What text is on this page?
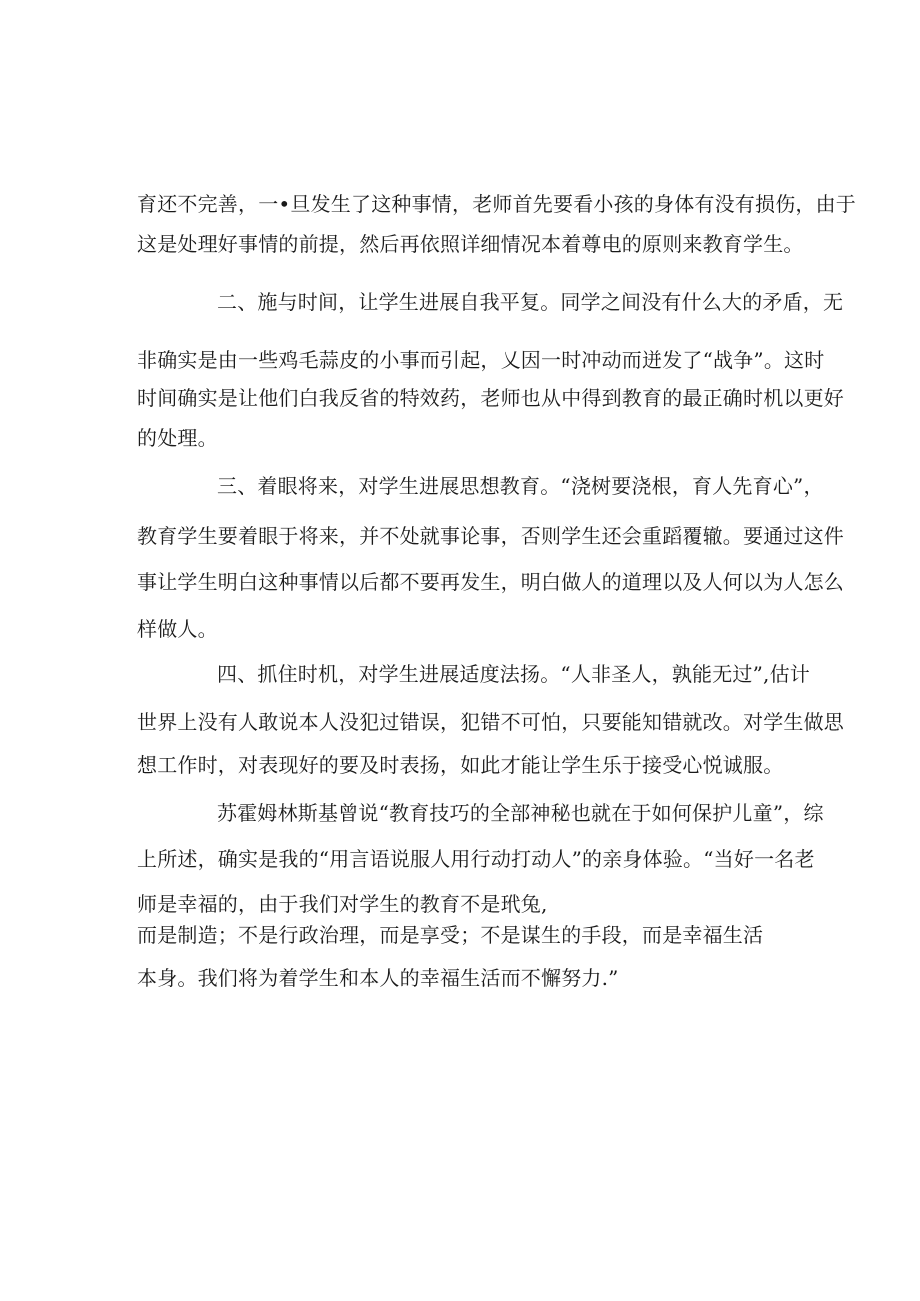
育还不完善，一•旦发生了这种事情，老师首先要看小孩的身体有没有损伤，由于

这是处理好事情的前提，然后再依照详细情况本着尊电的原则来教育学生。

二、施与时间，让学生进展自我平复。同学之间没有什么大的矛盾，无

非确实是由一些鸡毛蒜皮的小事而引起，乂因一时冲动而迸发了“战争”。这时

时间确实是让他们白我反省的特效药，老师也从中得到教育的最正确时机以更好

的处理。

三、着眼将来，对学生进展思想教育。“浇树要浇根，育人先育心”，

教育学生要着眼于将来，并不处就事论事，否则学生还会重蹈覆辙。要通过这件

事让学生明白这种事情以后都不要再发生，明白做人的道理以及人何以为人怎么

样做人。

四、抓住时机，对学生进展适度法扬。“人非圣人，孰能无过”,估计

世界上没有人敢说本人没犯过错误，犯错不可怕，只要能知错就改。对学生做思

想工作时，对表现好的要及时表扬，如此才能让学生乐于接受心悦诚服。

苏霍姆林斯基曾说“教育技巧的全部神秘也就在于如何保护儿童”，综

上所述，确实是我的“用言语说服人用行动打动人”的亲身体验。“当好一名老

师是幸福的，由于我们对学生的教育不是玳兔,

而是制造；不是行政治理，而是享受；不是谋生的手段，而是幸福生活

本身。我们将为着学生和本人的幸福生活而不懈努力.”
